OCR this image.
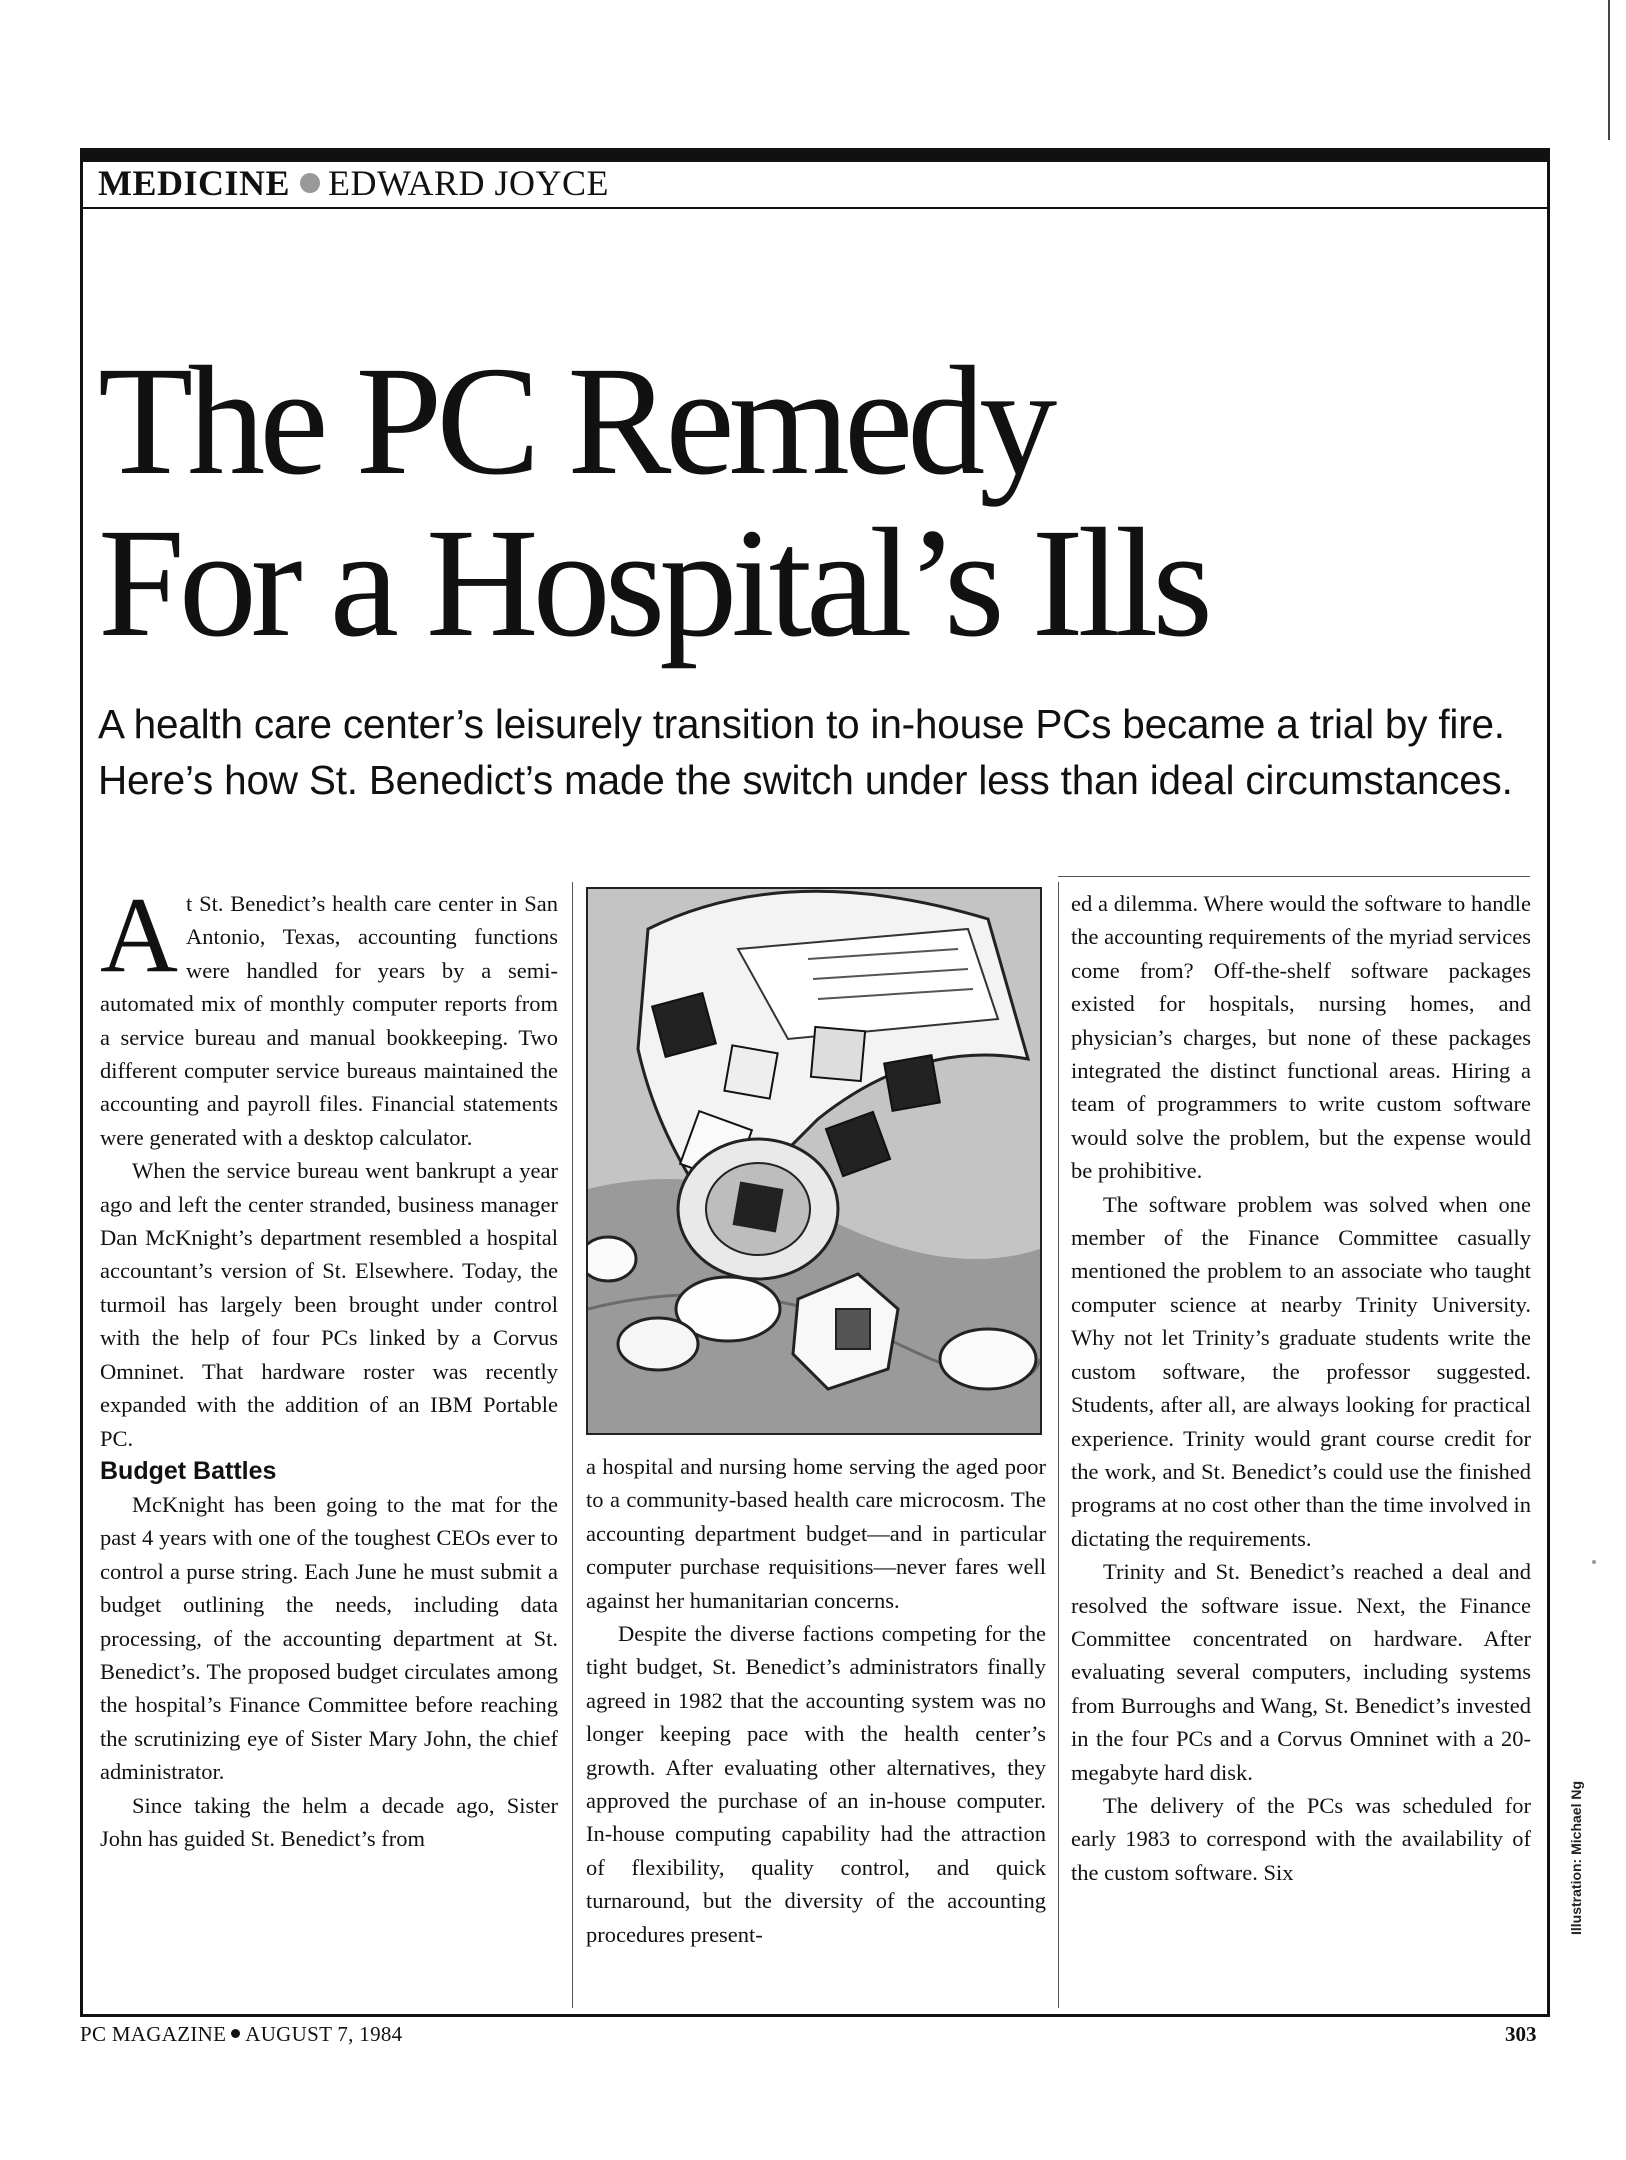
MEDICINE EDWARD JOYCE
The PC Remedy
For a Hospital’s Ills
A health care center’s leisurely transition to in-house PCs became a trial by fire. Here’s how St. Benedict’s made the switch under less than ideal circumstances.

At St. Benedict’s health care center in San Antonio, Texas, accounting functions were handled for years by a semi-automated mix of monthly computer reports from a service bureau and manual bookkeeping. Two different computer service bureaus maintained the accounting and payroll files. Financial statements were generated with a desktop calculator.

When the service bureau went bankrupt a year ago and left the center stranded, business manager Dan McKnight’s department resembled a hospital accountant’s version of St. Elsewhere. Today, the turmoil has largely been brought under control with the help of four PCs linked by a Corvus Omninet. That hardware roster was recently expanded with the addition of an IBM Portable PC.

Budget Battles

McKnight has been going to the mat for the past 4 years with one of the toughest CEOs ever to control a purse string. Each June he must submit a budget outlining the needs, including data processing, of the accounting department at St. Benedict’s. The proposed budget circulates among the hospital’s Finance Committee before reaching the scrutinizing eye of Sister Mary John, the chief administrator.

Since taking the helm a decade ago, Sister John has guided St. Benedict’s from

a hospital and nursing home serving the aged poor to a community-based health care microcosm. The accounting department budget—and in particular computer purchase requisitions—never fares well against her humanitarian concerns.

Despite the diverse factions competing for the tight budget, St. Benedict’s administrators finally agreed in 1982 that the accounting system was no longer keeping pace with the health center’s growth. After evaluating other alternatives, they approved the purchase of an in-house computer. In-house computing capability had the attraction of flexibility, quality control, and quick turnaround, but the diversity of the accounting procedures present-

ed a dilemma. Where would the software to handle the accounting requirements of the myriad services come from? Off-the-shelf software packages existed for hospitals, nursing homes, and physician’s charges, but none of these packages integrated the distinct functional areas. Hiring a team of programmers to write custom software would solve the problem, but the expense would be prohibitive.

The software problem was solved when one member of the Finance Committee casually mentioned the problem to an associate who taught computer science at nearby Trinity University. Why not let Trinity’s graduate students write the custom software, the professor suggested. Students, after all, are always looking for practical experience. Trinity would grant course credit for the work, and St. Benedict’s could use the finished programs at no cost other than the time involved in dictating the requirements.

Trinity and St. Benedict’s reached a deal and resolved the software issue. Next, the Finance Committee concentrated on hardware. After evaluating several computers, including systems from Burroughs and Wang, St. Benedict’s invested in the four PCs and a Corvus Omninet with a 20-megabyte hard disk.

The delivery of the PCs was scheduled for early 1983 to correspond with the availability of the custom software. Six	Illustration: Michael Ng
PC MAGAZINE AUGUST 7, 1984	303
